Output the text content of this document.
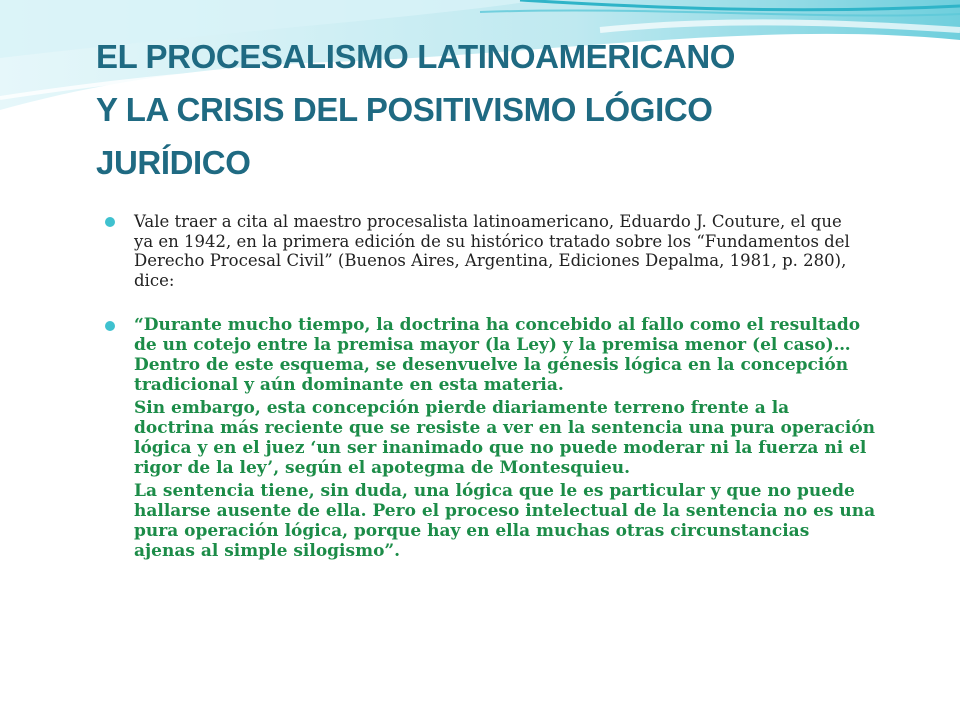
EL PROCESALISMO LATINOAMERICANO
Y LA CRISIS DEL POSITIVISMO LÓGICO
JURÍDICO
Vale traer a cita al maestro procesalista latinoamericano, Eduardo J. Couture, el que
ya en 1942, en la primera edición de su histórico tratado sobre los “Fundamentos del
Derecho Procesal Civil” (Buenos Aires, Argentina, Ediciones Depalma, 1981, p. 280),
dice:

“Durante mucho tiempo, la doctrina ha concebido al fallo como el resultado
de un cotejo entre la premisa mayor (la Ley) y la premisa menor (el caso)…
Dentro de este esquema, se desenvuelve la génesis lógica en la concepción
tradicional y aún dominante en esta materia.

Sin embargo, esta concepción pierde diariamente terreno frente a la
doctrina más reciente que se resiste a ver en la sentencia una pura operación
lógica y en el juez ‘un ser inanimado que no puede moderar ni la fuerza ni el
rigor de la ley’, según el apotegma de Montesquieu.

La sentencia tiene, sin duda, una lógica que le es particular y que no puede
hallarse ausente de ella. Pero el proceso intelectual de la sentencia no es una
pura operación lógica, porque hay en ella muchas otras circunstancias
ajenas al simple silogismo”.
